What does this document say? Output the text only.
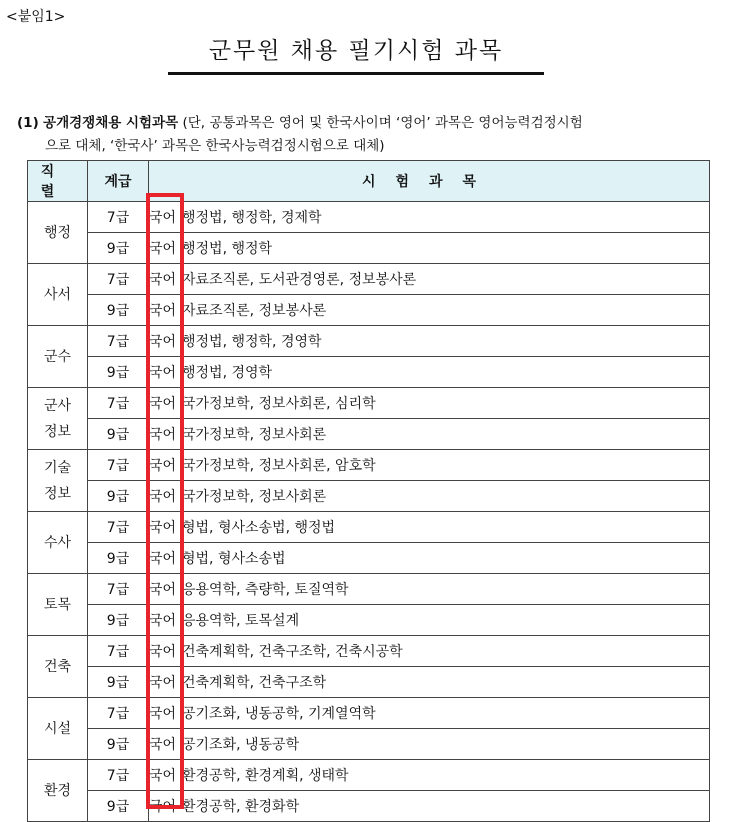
<붙임1>
군무원 채용 필기시험 과목
(1) 공개경쟁채용 시험과목 (단, 공통과목은 영어 및 한국사이며 ‘영어’ 과목은 영어능력검정시험
으로 대체, ‘한국사’ 과목은 한국사능력검정시험으로 대체)
직렬	계급	시험과목

행정	7급	국어 행정법, 행정학, 경제학
	9급	국어 행정법, 행정학

사서	7급	국어 자료조직론, 도서관경영론, 정보봉사론
	9급	국어 자료조직론, 정보봉사론

군수	7급	국어 행정법, 행정학, 경영학
	9급	국어 행정법, 경영학

군사
정보	7급	국어 국가정보학, 정보사회론, 심리학
	9급	국어 국가정보학, 정보사회론

기술
정보	7급	국어 국가정보학, 정보사회론, 암호학
	9급	국어 국가정보학, 정보사회론

수사	7급	국어 형법, 형사소송법, 행정법
	9급	국어 형법, 형사소송법

토목	7급	국어 응용역학, 측량학, 토질역학
	9급	국어 응용역학, 토목설계

건축	7급	국어 건축계획학, 건축구조학, 건축시공학
	9급	국어 건축계획학, 건축구조학

시설	7급	국어 공기조화, 냉동공학, 기계열역학
	9급	국어 공기조화, 냉동공학

환경	7급	국어 환경공학, 환경계획, 생태학
	9급	국어 환경공학, 환경화학
